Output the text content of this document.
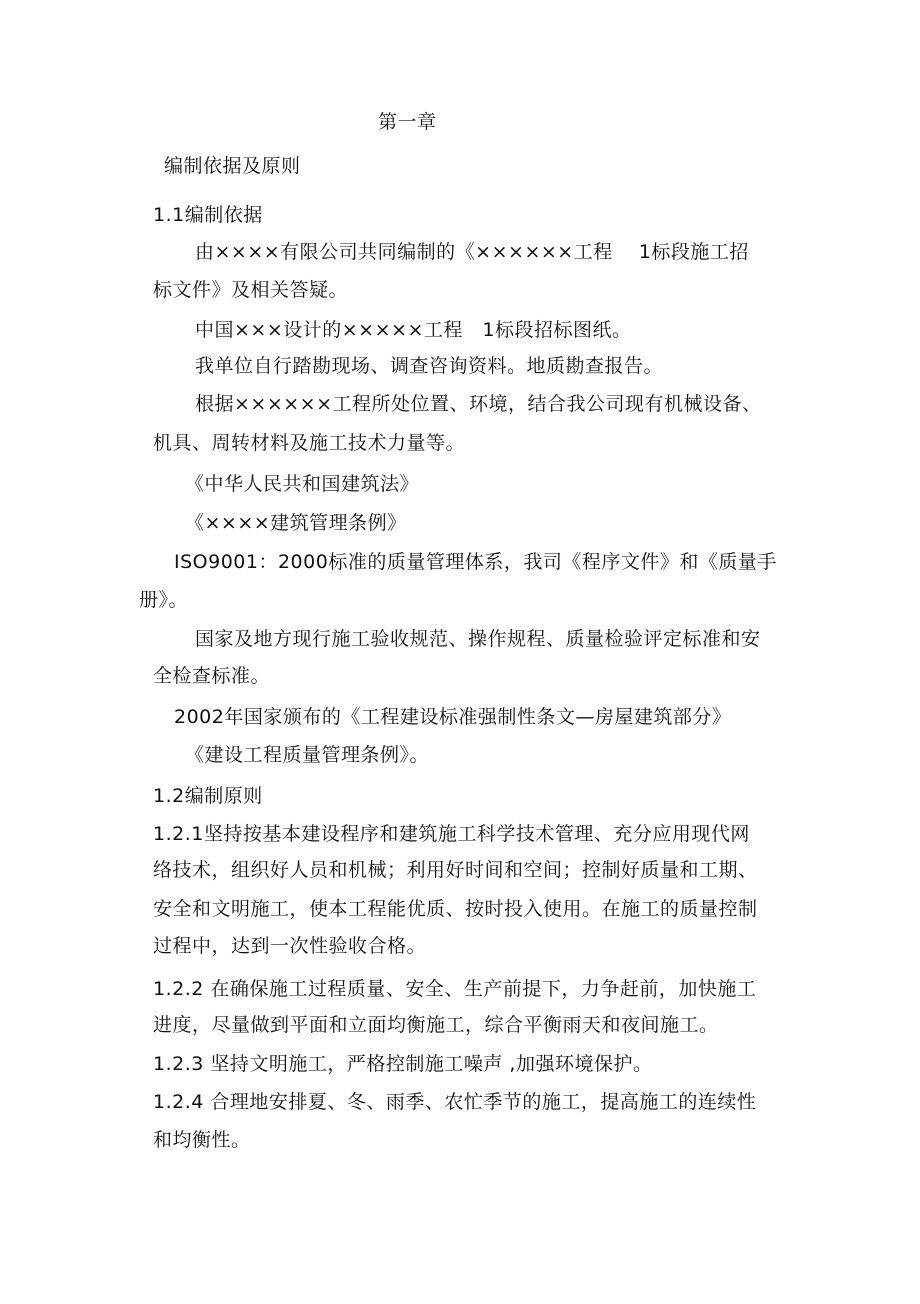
第一章
编制依据及原则
1.1编制依据
由××××有限公司共同编制的《××××××工程　 1标段施工招
标文件》及相关答疑。
中国×××设计的×××××工程　1标段招标图纸。
我单位自行踏勘现场、调查咨询资料。地质勘查报告。
根据××××××工程所处位置、环境，结合我公司现有机械设备、
机具、周转材料及施工技术力量等。
《中华人民共和国建筑法》
《××××建筑管理条例》
ISO9001：2000标准的质量管理体系，我司《程序文件》和《质量手
册》。
国家及地方现行施工验收规范、操作规程、质量检验评定标准和安
全检查标准。
2002年国家颁布的《工程建设标准强制性条文—房屋建筑部分》
《建设工程质量管理条例》。
1.2编制原则
1.2.1坚持按基本建设程序和建筑施工科学技术管理、充分应用现代网
络技术，组织好人员和机械；利用好时间和空间；控制好质量和工期、
安全和文明施工，使本工程能优质、按时投入使用。在施工的质量控制
过程中，达到一次性验收合格。
1.2.2 在确保施工过程质量、安全、生产前提下，力争赶前，加快施工
进度，尽量做到平面和立面均衡施工，综合平衡雨天和夜间施工。
1.2.3 坚持文明施工，严格控制施工噪声 ,加强环境保护。
1.2.4 合理地安排夏、冬、雨季、农忙季节的施工，提高施工的连续性
和均衡性。
